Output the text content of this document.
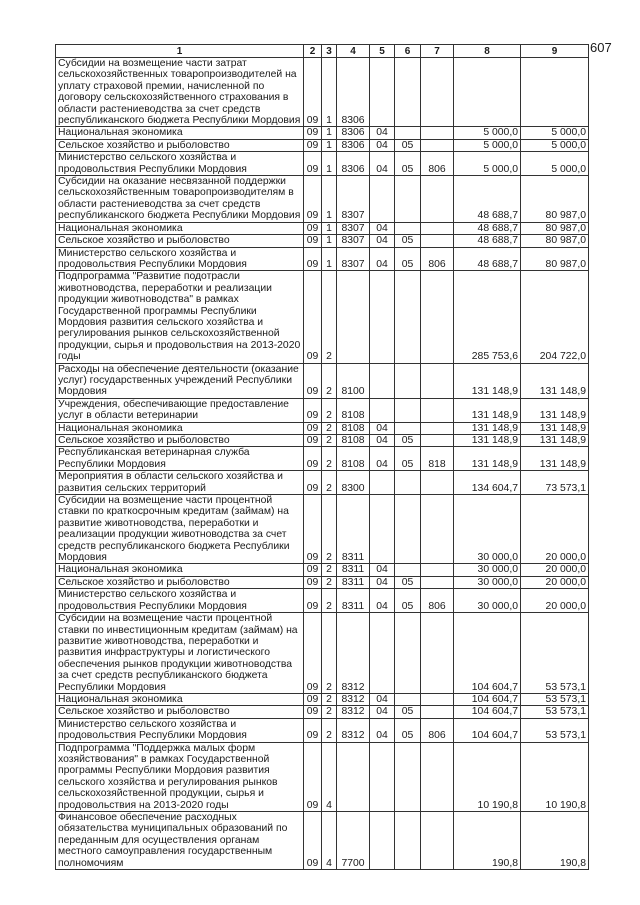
607
1	2	3	4	5	6	7	8	9
Субсидии на возмещение части затрат сельскохозяйственных товаропроизводителей на уплату страховой премии, начисленной по договору сельскохозяйственного страхования в области растениеводства за счет средств республиканского бюджета Республики Мордовия	09	1	8306					
Национальная экономика	09	1	8306	04			5 000,0	5 000,0
Сельское хозяйство и рыболовство	09	1	8306	04	05		5 000,0	5 000,0
Министерство сельского хозяйства и продовольствия Республики Мордовия	09	1	8306	04	05	806	5 000,0	5 000,0
Субсидии на оказание несвязанной поддержки сельскохозяйственным товаропроизводителям в области растениеводства за счет средств республиканского бюджета Республики Мордовия	09	1	8307				48 688,7	80 987,0
Национальная экономика	09	1	8307	04			48 688,7	80 987,0
Сельское хозяйство и рыболовство	09	1	8307	04	05		48 688,7	80 987,0
Министерство сельского хозяйства и продовольствия Республики Мордовия	09	1	8307	04	05	806	48 688,7	80 987,0
Подпрограмма "Развитие подотрасли животноводства, переработки и реализации продукции животноводства" в рамках Государственной программы Республики Мордовия развития сельского хозяйства и регулирования рынков сельскохозяйственной продукции, сырья и продовольствия на 2013-2020 годы	09	2					285 753,6	204 722,0
Расходы на обеспечение деятельности (оказание услуг) государственных учреждений Республики Мордовия	09	2	8100				131 148,9	131 148,9
Учреждения, обеспечивающие предоставление услуг в области ветеринарии	09	2	8108				131 148,9	131 148,9
Национальная экономика	09	2	8108	04			131 148,9	131 148,9
Сельское хозяйство и рыболовство	09	2	8108	04	05		131 148,9	131 148,9
Республиканская ветеринарная служба Республики Мордовия	09	2	8108	04	05	818	131 148,9	131 148,9
Мероприятия в области сельского хозяйства и развития сельских территорий	09	2	8300				134 604,7	73 573,1
Субсидии на возмещение части процентной ставки по краткосрочным кредитам (займам) на развитие животноводства, переработки и реализации продукции животноводства за счет средств республиканского бюджета Республики Мордовия	09	2	8311				30 000,0	20 000,0
Национальная экономика	09	2	8311	04			30 000,0	20 000,0
Сельское хозяйство и рыболовство	09	2	8311	04	05		30 000,0	20 000,0
Министерство сельского хозяйства и продовольствия Республики Мордовия	09	2	8311	04	05	806	30 000,0	20 000,0
Субсидии на возмещение части процентной ставки по инвестиционным кредитам (займам) на развитие животноводства, переработки и развития инфраструктуры и логистического обеспечения рынков продукции животноводства за счет средств республиканского бюджета Республики Мордовия	09	2	8312				104 604,7	53 573,1
Национальная экономика	09	2	8312	04			104 604,7	53 573,1
Сельское хозяйство и рыболовство	09	2	8312	04	05		104 604,7	53 573,1
Министерство сельского хозяйства и продовольствия Республики Мордовия	09	2	8312	04	05	806	104 604,7	53 573,1
Подпрограмма "Поддержка малых форм хозяйствования" в рамках Государственной программы Республики Мордовия развития сельского хозяйства и регулирования рынков сельскохозяйственной продукции, сырья и продовольствия на 2013-2020 годы	09	4					10 190,8	10 190,8
Финансовое обеспечение расходных обязательства муниципальных образований по переданным для осуществления органам местного самоуправления государственным полномочиям	09	4	7700				190,8	190,8
